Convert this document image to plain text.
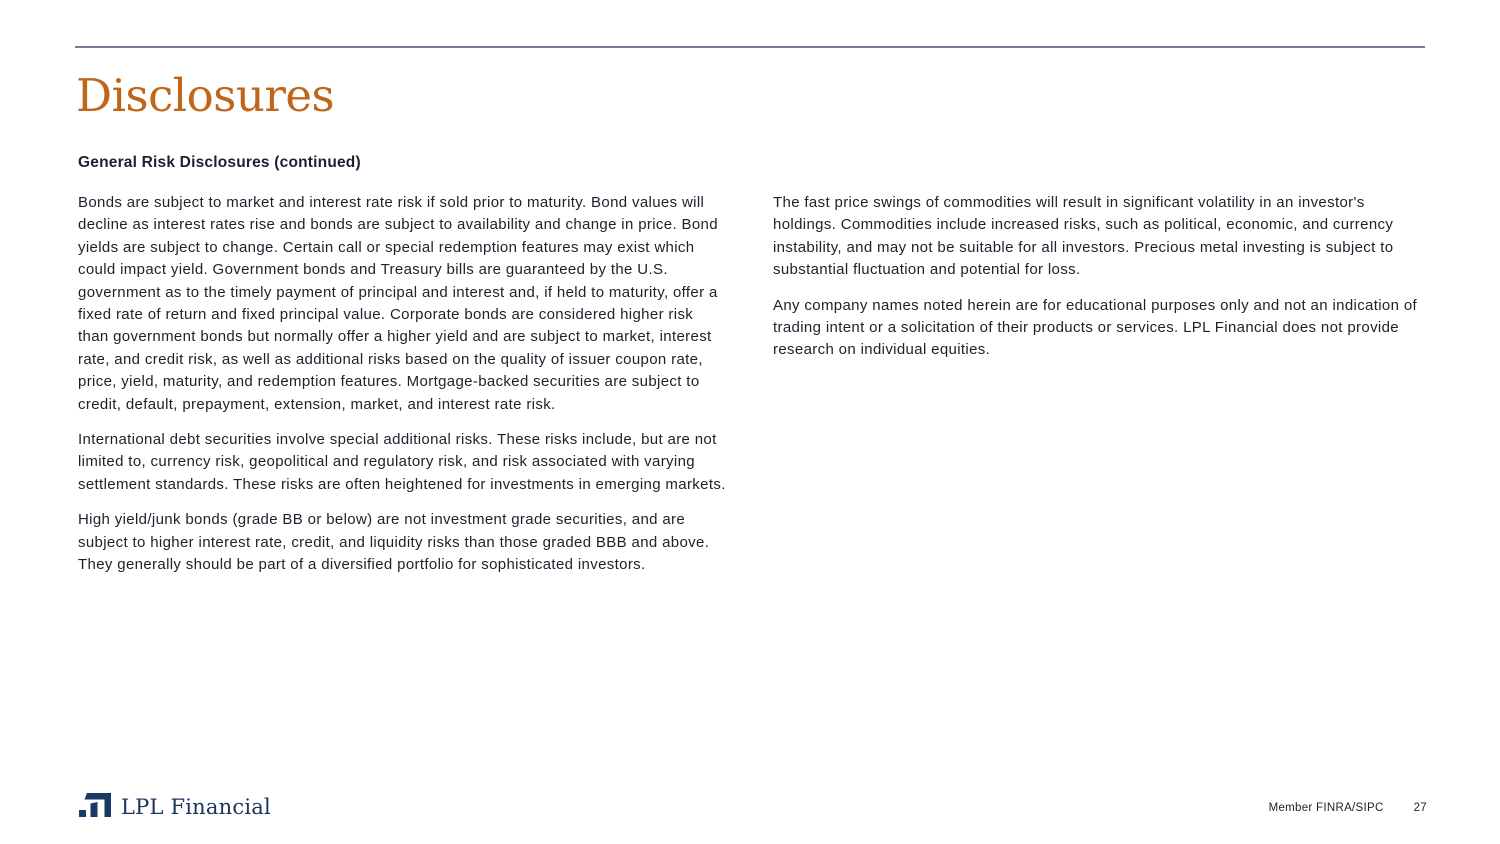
Disclosures
General Risk Disclosures (continued)

Bonds are subject to market and interest rate risk if sold prior to maturity. Bond values will decline as interest rates rise and bonds are subject to availability and change in price. Bond yields are subject to change. Certain call or special redemption features may exist which could impact yield. Government bonds and Treasury bills are guaranteed by the U.S. government as to the timely payment of principal and interest and, if held to maturity, offer a fixed rate of return and fixed principal value. Corporate bonds are considered higher risk than government bonds but normally offer a higher yield and are subject to market, interest rate, and credit risk, as well as additional risks based on the quality of issuer coupon rate, price, yield, maturity, and redemption features. Mortgage-backed securities are subject to credit, default, prepayment, extension, market, and interest rate risk.

International debt securities involve special additional risks. These risks include, but are not limited to, currency risk, geopolitical and regulatory risk, and risk associated with varying settlement standards. These risks are often heightened for investments in emerging markets.

High yield/junk bonds (grade BB or below) are not investment grade securities, and are subject to higher interest rate, credit, and liquidity risks than those graded BBB and above. They generally should be part of a diversified portfolio for sophisticated investors.

The fast price swings of commodities will result in significant volatility in an investor's holdings. Commodities include increased risks, such as political, economic, and currency instability, and may not be suitable for all investors. Precious metal investing is subject to substantial fluctuation and potential for loss.

Any company names noted herein are for educational purposes only and not an indication of trading intent or a solicitation of their products or services. LPL Financial does not provide research on individual equities.

LPL Financial	Member FINRA/SIPC	27
